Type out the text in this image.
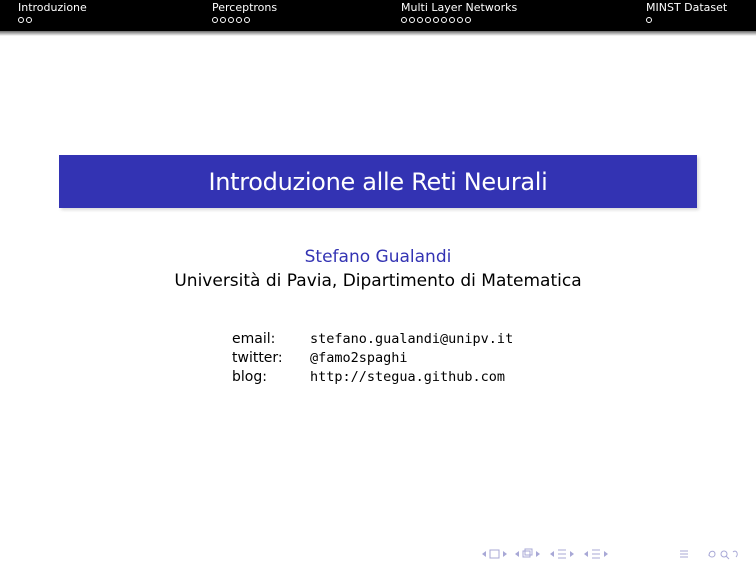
Introduzione	Perceptrons	Multi Layer Networks	MINST Dataset
Introduzione alle Reti Neurali
Stefano Gualandi
Università di Pavia, Dipartimento di Matematica
email:	stefano.gualandi@unipv.it
twitter:	@famo2spaghi
blog:	http://stegua.github.com
